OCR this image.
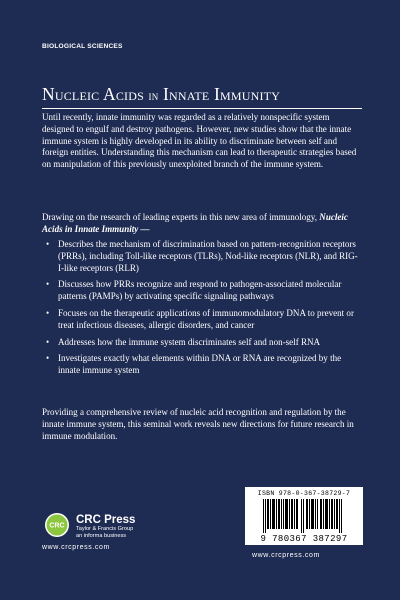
BIOLOGICAL SCIENCES
Nucleic Acids in Innate Immunity
Until recently, innate immunity was regarded as a relatively nonspecific system designed to engulf and destroy pathogens. However, new studies show that the innate immune system is highly developed in its ability to discriminate between self and foreign entities. Understanding this mechanism can lead to therapeutic strategies based on manipulation of this previously unexploited branch of the immune system.
Drawing on the research of leading experts in this new area of immunology, Nucleic Acids in Innate Immunity —
• Describes the mechanism of discrimination based on pattern-recognition receptors (PRRs), including Toll-like receptors (TLRs), Nod-like receptors (NLR), and RIG-I-like receptors (RLR)
• Discusses how PRRs recognize and respond to pathogen-associated molecular patterns (PAMPs) by activating specific signaling pathways
• Focuses on the therapeutic applications of immunomodulatory DNA to prevent or treat infectious diseases, allergic disorders, and cancer
• Addresses how the immune system discriminates self and non-self RNA
• Investigates exactly what elements within DNA or RNA are recognized by the innate immune system
Providing a comprehensive review of nucleic acid recognition and regulation by the innate immune system, this seminal work reveals new directions for future research in immune modulation.
CRC CRC Press
Taylor & Francis Group
an informa business
www.crcpress.com
ISBN 978-0-367-38729-7
9 780367 387297
www.crcpress.com
